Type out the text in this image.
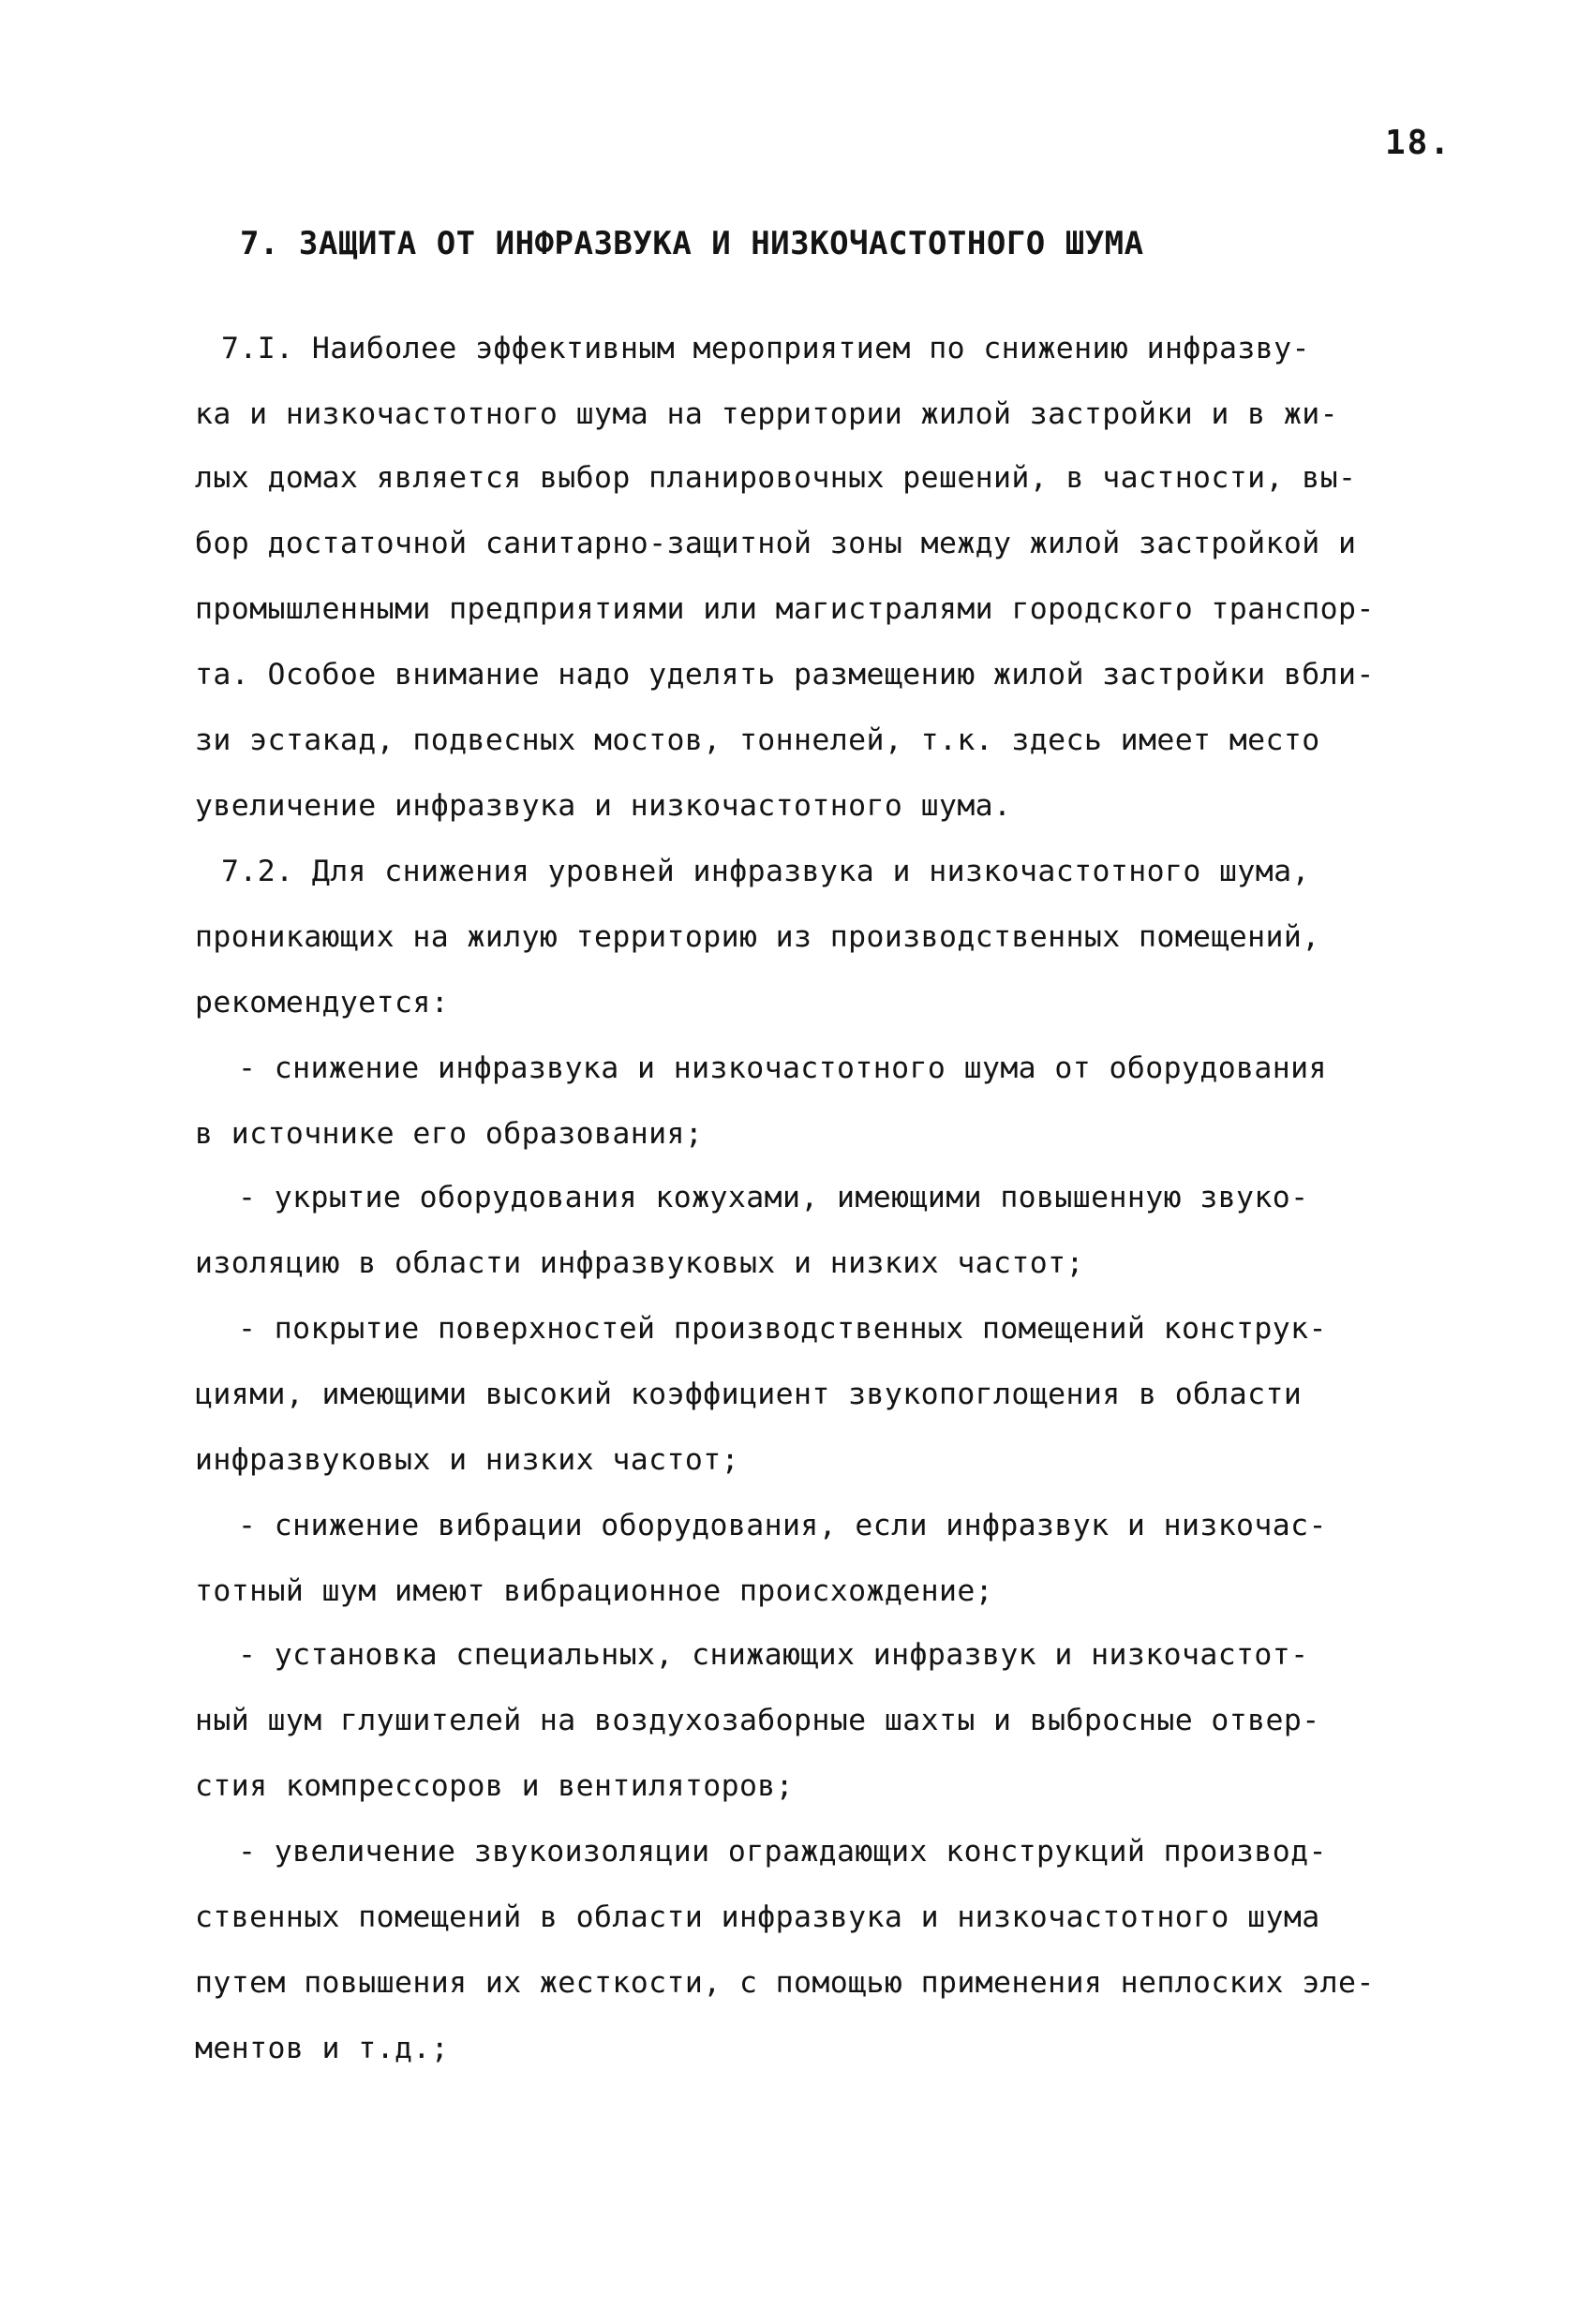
18.
7. ЗАЩИТА ОТ ИНФРАЗВУКА И НИЗКОЧАСТОТНОГО ШУМА
7.I. Наиболее эффективным мероприятием по снижению инфразву-
ка и низкочастотного шума на территории жилой застройки и в жи-
лых домах является выбор планировочных решений, в частности, вы-
бор достаточной санитарно-защитной зоны между жилой застройкой и
промышленными предприятиями или магистралями городского транспор-
та. Особое внимание надо уделять размещению жилой застройки вбли-
зи эстакад, подвесных мостов, тоннелей, т.к. здесь имеет место
увеличение инфразвука и низкочастотного шума.
7.2. Для снижения уровней инфразвука и низкочастотного шума,
проникающих на жилую территорию из производственных помещений,
рекомендуется:
- снижение инфразвука и низкочастотного шума от оборудования
в источнике его образования;
- укрытие оборудования кожухами, имеющими повышенную звуко-
изоляцию в области инфразвуковых и низких частот;
- покрытие поверхностей производственных помещений конструк-
циями, имеющими высокий коэффициент звукопоглощения в области
инфразвуковых и низких частот;
- снижение вибрации оборудования, если инфразвук и низкочас-
тотный шум имеют вибрационное происхождение;
- установка специальных, снижающих инфразвук и низкочастот-
ный шум глушителей на воздухозаборные шахты и выбросные отвер-
стия компрессоров и вентиляторов;
- увеличение звукоизоляции ограждающих конструкций производ-
ственных помещений в области инфразвука и низкочастотного шума
путем повышения их жесткости, с помощью применения неплоских эле-
ментов и т.д.;
